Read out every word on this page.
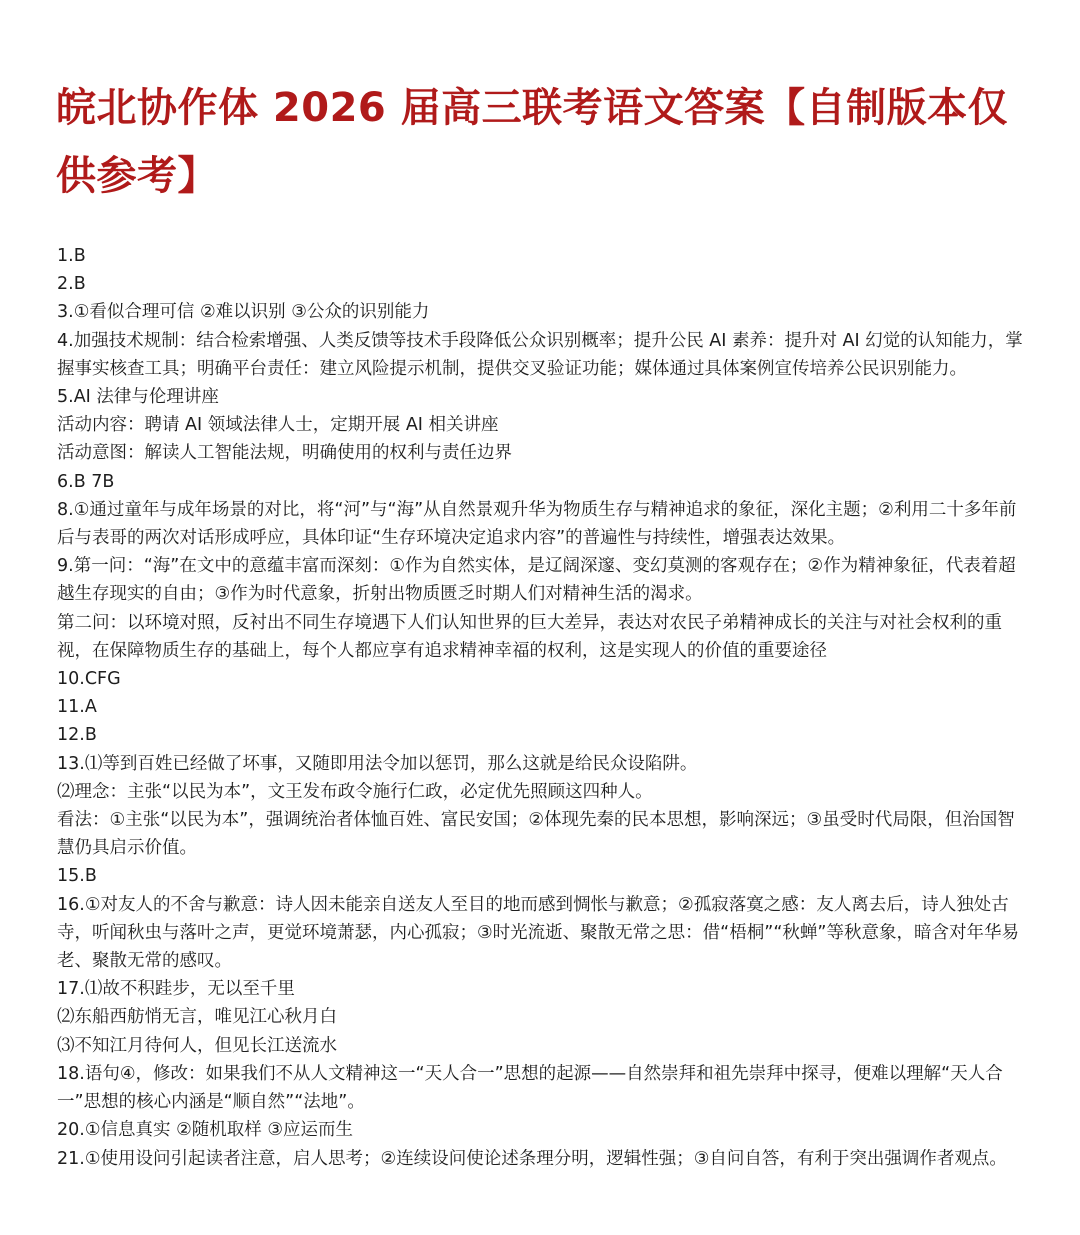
皖北协作体 2026 届高三联考语文答案【自制版本仅供参考】

1.B

2.B

3.①看似合理可信 ②难以识别 ③公众的识别能力

4.加强技术规制：结合检索增强、人类反馈等技术手段降低公众识别概率；提升公民 AI 素养：提升对 AI 幻觉的认知能力，掌握事实核查工具；明确平台责任：建立风险提示机制，提供交叉验证功能；媒体通过具体案例宣传培养公民识别能力。

5.AI 法律与伦理讲座

活动内容：聘请 AI 领域法律人士，定期开展 AI 相关讲座

活动意图：解读人工智能法规，明确使用的权利与责任边界

6.B 7B

8.①通过童年与成年场景的对比，将“河”与“海”从自然景观升华为物质生存与精神追求的象征，深化主题；②利用二十多年前后与表哥的两次对话形成呼应，具体印证“生存环境决定追求内容”的普遍性与持续性，增强表达效果。

9.第一问：“海”在文中的意蕴丰富而深刻：①作为自然实体，是辽阔深邃、变幻莫测的客观存在；②作为精神象征，代表着超越生存现实的自由；③作为时代意象，折射出物质匮乏时期人们对精神生活的渴求。

第二问：以环境对照，反衬出不同生存境遇下人们认知世界的巨大差异，表达对农民子弟精神成长的关注与对社会权利的重视，在保障物质生存的基础上，每个人都应享有追求精神幸福的权利，这是实现人的价值的重要途径

10.CFG

11.A

12.B

13.⑴等到百姓已经做了坏事，又随即用法令加以惩罚，那么这就是给民众设陷阱。

⑵理念：主张“以民为本”，文王发布政令施行仁政，必定优先照顾这四种人。

看法：①主张“以民为本”，强调统治者体恤百姓、富民安国；②体现先秦的民本思想，影响深远；③虽受时代局限，但治国智慧仍具启示价值。

15.B

16.①对友人的不舍与歉意：诗人因未能亲自送友人至目的地而感到惆怅与歉意；②孤寂落寞之感：友人离去后，诗人独处古寺，听闻秋虫与落叶之声，更觉环境萧瑟，内心孤寂；③时光流逝、聚散无常之思：借“梧桐”“秋蝉”等秋意象，暗含对年华易老、聚散无常的感叹。

17.⑴故不积跬步，无以至千里

⑵东船西舫悄无言，唯见江心秋月白

⑶不知江月待何人，但见长江送流水

18.语句④，修改：如果我们不从人文精神这一“天人合一”思想的起源——自然崇拜和祖先崇拜中探寻，便难以理解“天人合一”思想的核心内涵是“顺自然”“法地”。

20.①信息真实 ②随机取样 ③应运而生

21.①使用设问引起读者注意，启人思考；②连续设问使论述条理分明，逻辑性强；③自问自答，有利于突出强调作者观点。
